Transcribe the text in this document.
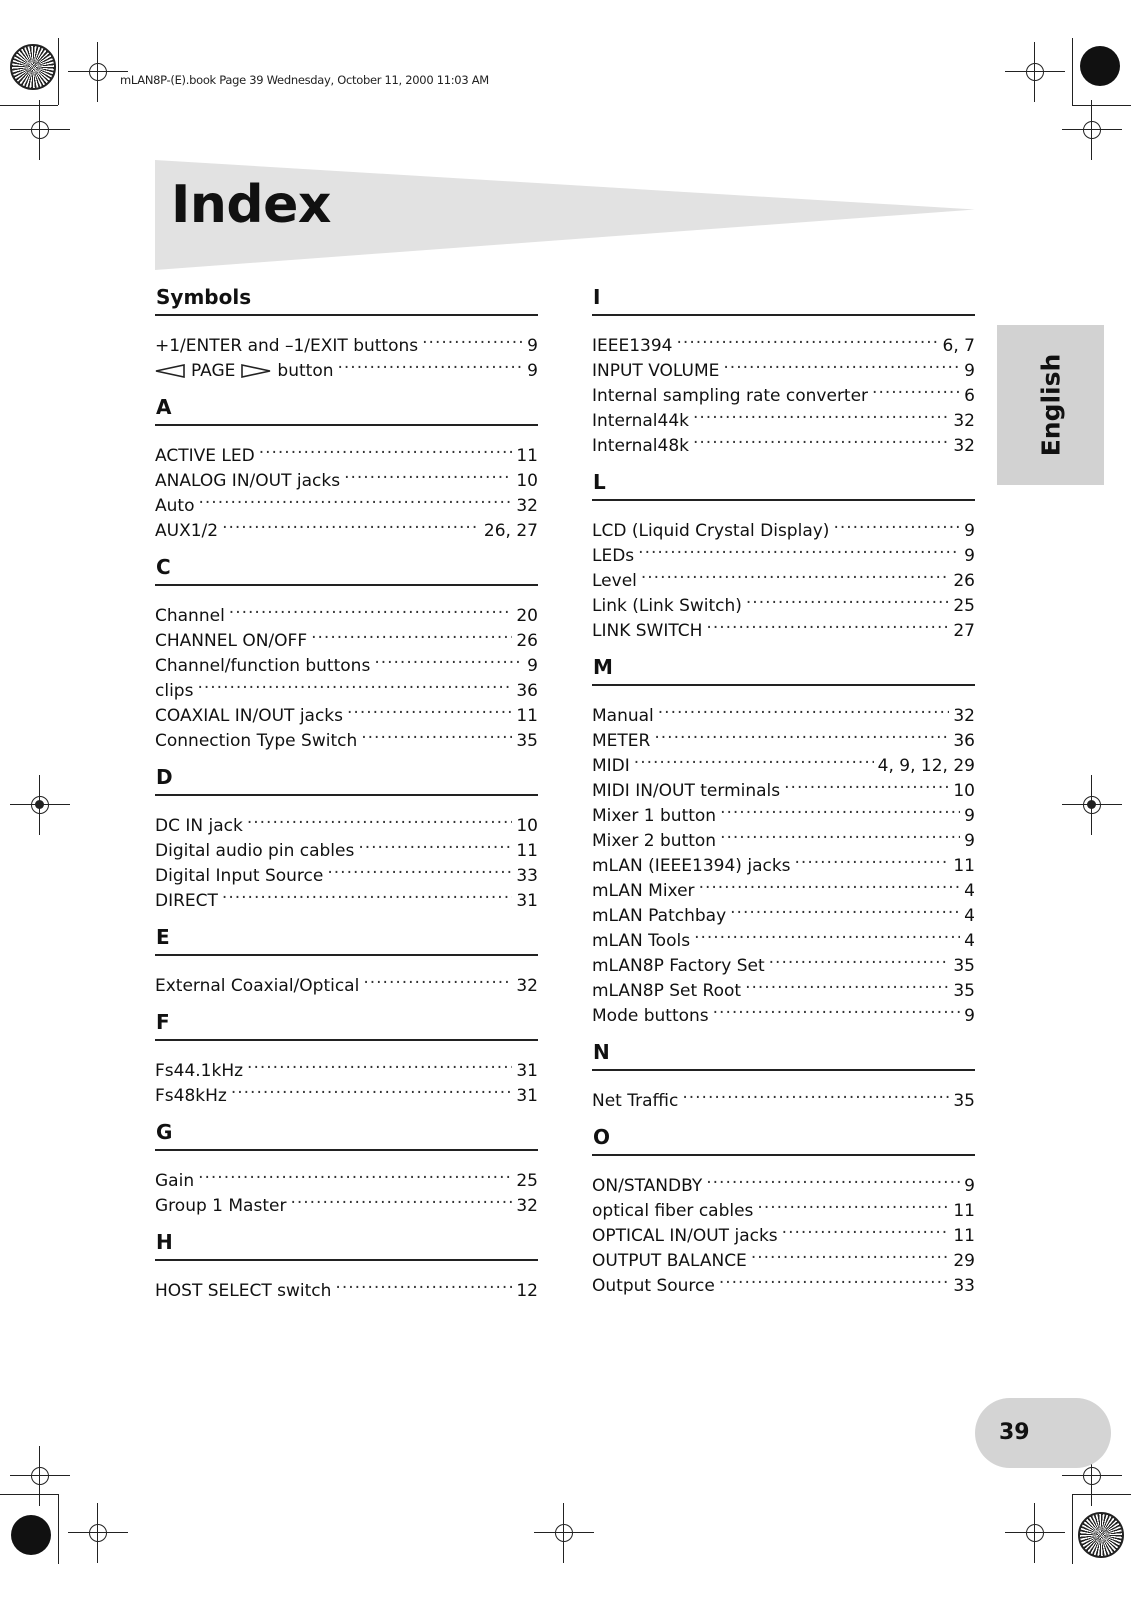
mLAN8P-(E).book Page 39 Wednesday, October 11, 2000 11:03 AM
Index
English
Symbols
+1/ENTER and –1/EXIT buttons .....	9
PAGE button .....	9
A
ACTIVE LED .....	11
ANALOG IN/OUT jacks .....	10
Auto .....	32
AUX1/2 .....	26, 27
C
Channel .....	20
CHANNEL ON/OFF .....	26
Channel/function buttons .....	9
clips .....	36
COAXIAL IN/OUT jacks .....	11
Connection Type Switch .....	35
D
DC IN jack .....	10
Digital audio pin cables .....	11
Digital Input Source .....	33
DIRECT .....	31
E
External Coaxial/Optical .....	32
F
Fs44.1kHz .....	31
Fs48kHz .....	31
G
Gain .....	25
Group 1 Master .....	32
H
HOST SELECT switch .....	12
I
IEEE1394 .....	6, 7
INPUT VOLUME .....	9
Internal sampling rate converter .....	6
Internal44k .....	32
Internal48k .....	32
L
LCD (Liquid Crystal Display) .....	9
LEDs .....	9
Level .....	26
Link (Link Switch) .....	25
LINK SWITCH .....	27
M
Manual .....	32
METER .....	36
MIDI .....	4, 9, 12, 29
MIDI IN/OUT terminals .....	10
Mixer 1 button .....	9
Mixer 2 button .....	9
mLAN (IEEE1394) jacks .....	11
mLAN Mixer .....	4
mLAN Patchbay .....	4
mLAN Tools .....	4
mLAN8P Factory Set .....	35
mLAN8P Set Root .....	35
Mode buttons .....	9
N
Net Traffic .....	35
O
ON/STANDBY .....	9
optical fiber cables .....	11
OPTICAL IN/OUT jacks .....	11
OUTPUT BALANCE .....	29
Output Source .....	33
39
